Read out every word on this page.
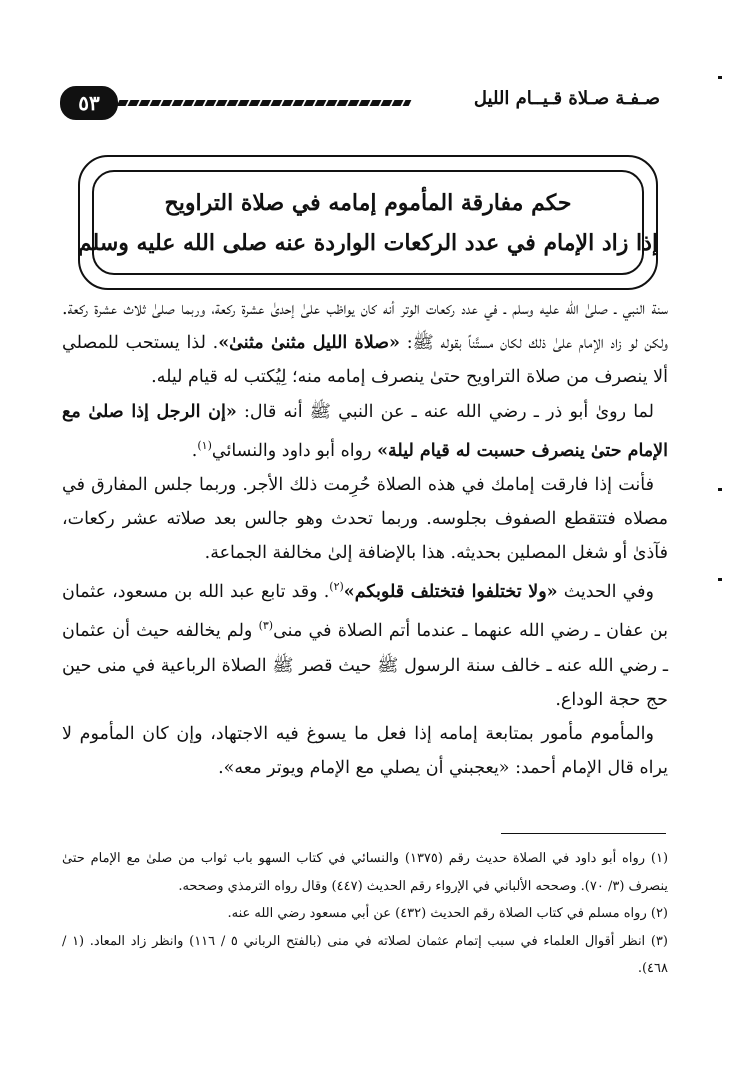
صـفـة صـلاة قـيــام الليل
٥٣
حكم مفارقة المأموم إمامه في صلاة التراويح
إذا زاد الإمام في عدد الركعات الواردة عنه صلى الله عليه وسلم

سنة النبي ـ صلىٰ الله عليه وسلم ـ في عدد ركعات الوتر أنه كان يواظب علىٰ إحدىٰ عشرة ركعة، وربما صلىٰ ثلاث عشرة ركعة. ولكن لو زاد الإمام علىٰ ذلك لكان مستَّناً بقوله ﷺ: «صلاة الليل مثنىٰ مثنىٰ». لذا يستحب للمصلي ألا ينصرف من صلاة التراويح حتىٰ ينصرف إمامه منه؛ لِيُكتب له قيام ليله.

لما روىٰ أبو ذر ـ رضي الله عنه ـ عن النبي ﷺ أنه قال: «إن الرجل إذا صلىٰ مع الإمام حتىٰ ينصرف حسبت له قيام ليلة» رواه أبو داود والنسائي$^{(١)}$.

فأنت إذا فارقت إمامك في هذه الصلاة حُرِمت ذلك الأجر. وربما جلس المفارق في مصلاه فتتقطع الصفوف بجلوسه. وربما تحدث وهو جالس بعد صلاته عشر ركعات، فآذىٰ أو شغل المصلين بحديثه. هذا بالإضافة إلىٰ مخالفة الجماعة.

وفي الحديث «ولا تختلفوا فتختلف قلوبكم»$^{(٢)}$. وقد تابع عبد الله بن مسعود، عثمان بن عفان ـ رضي الله عنهما ـ عندما أتم الصلاة في منى$^{(٣)}$ ولم يخالفه حيث أن عثمان ـ رضي الله عنه ـ خالف سنة الرسول ﷺ حيث قصر ﷺ الصلاة الرباعية في منى حين حج حجة الوداع.

والمأموم مأمور بمتابعة إمامه إذا فعل ما يسوغ فيه الاجتهاد، وإن كان المأموم لا يراه قال الإمام أحمد: «يعجبني أن يصلي مع الإمام ويوتر معه».

(١) رواه أبو داود في الصلاة حديث رقم (١٣٧٥) والنسائي في كتاب السهو باب ثواب من صلىٰ مع الإمام حتىٰ ينصرف (٣/ ٧٠). وصححه الألباني في الإرواء رقم الحديث (٤٤٧) وقال رواه الترمذي وصححه.

(٢) رواه مسلم في كتاب الصلاة رقم الحديث (٤٣٢) عن أبي مسعود رضي الله عنه.

(٣) انظر أقوال العلماء في سبب إتمام عثمان لصلاته في منى (بالفتح الرباني ٥ / ١١٦) وانظر زاد المعاد. (١ / ٤٦٨).
